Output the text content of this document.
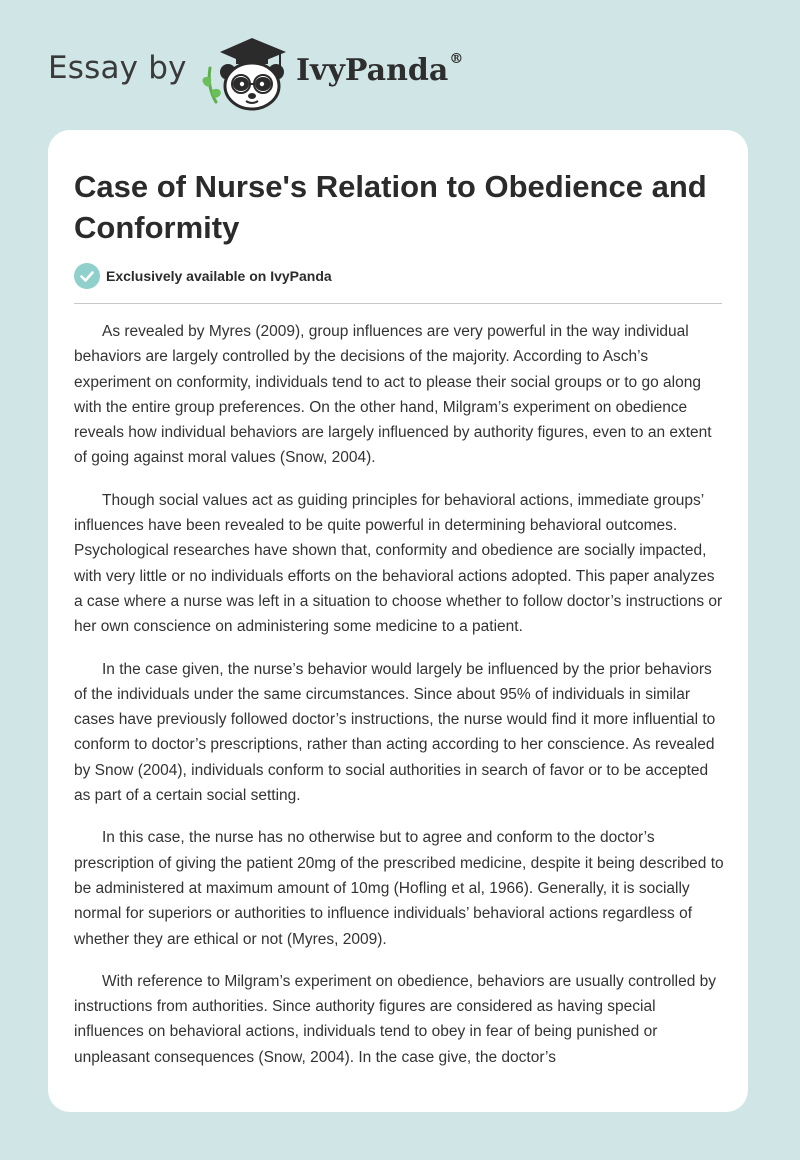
Essay by	IvyPanda®
Case of Nurse's Relation to Obedience and Conformity
Exclusively available on IvyPanda

As revealed by Myres (2009), group influences are very powerful in the way individual behaviors are largely controlled by the decisions of the majority. According to Asch’s experiment on conformity, individuals tend to act to please their social groups or to go along with the entire group preferences. On the other hand, Milgram’s experiment on obedience reveals how individual behaviors are largely influenced by authority figures, even to an extent of going against moral values (Snow, 2004).

Though social values act as guiding principles for behavioral actions, immediate groups’ influences have been revealed to be quite powerful in determining behavioral outcomes. Psychological researches have shown that, conformity and obedience are socially impacted, with very little or no individuals efforts on the behavioral actions adopted. This paper analyzes a case where a nurse was left in a situation to choose whether to follow doctor’s instructions or her own conscience on administering some medicine to a patient.

In the case given, the nurse’s behavior would largely be influenced by the prior behaviors of the individuals under the same circumstances. Since about 95% of individuals in similar cases have previously followed doctor’s instructions, the nurse would find it more influential to conform to doctor’s prescriptions, rather than acting according to her conscience. As revealed by Snow (2004), individuals conform to social authorities in search of favor or to be accepted as part of a certain social setting.

In this case, the nurse has no otherwise but to agree and conform to the doctor’s prescription of giving the patient 20mg of the prescribed medicine, despite it being described to be administered at maximum amount of 10mg (Hofling et al, 1966). Generally, it is socially normal for superiors or authorities to influence individuals’ behavioral actions regardless of whether they are ethical or not (Myres, 2009).

With reference to Milgram’s experiment on obedience, behaviors are usually controlled by instructions from authorities. Since authority figures are considered as having special influences on behavioral actions, individuals tend to obey in fear of being punished or unpleasant consequences (Snow, 2004). In the case give, the doctor’s
